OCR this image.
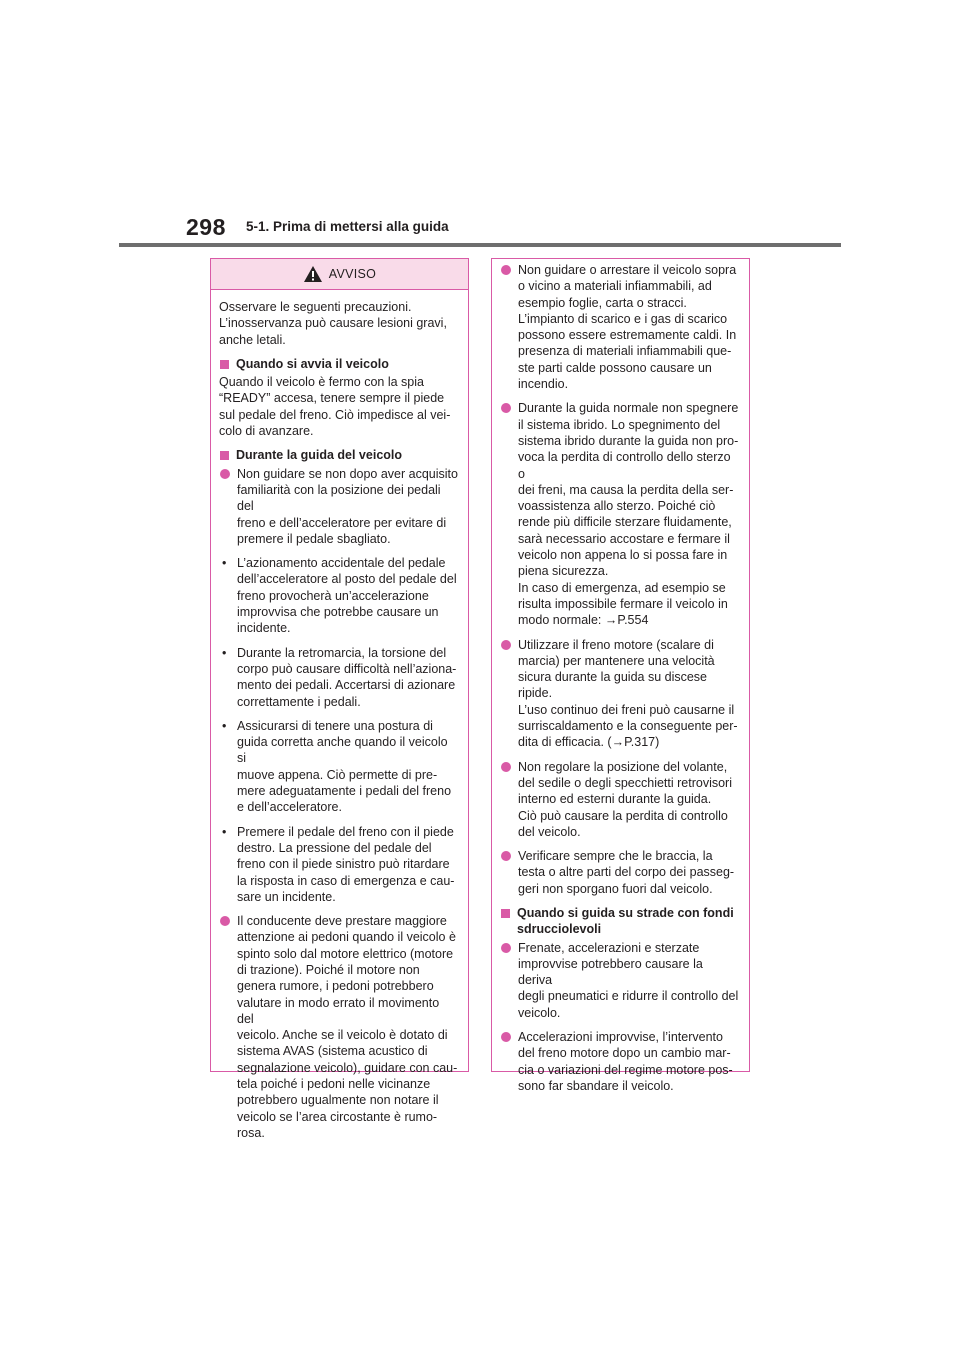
298 5-1. Prima di mettersi alla guida
AVVISO
Osservare le seguenti precauzioni.
L’inosservanza può causare lesioni gravi,
anche letali.
Quando si avvia il veicolo
Quando il veicolo è fermo con la spia
“READY” accesa, tenere sempre il piede
sul pedale del freno. Ciò impedisce al vei-
colo di avanzare.
Durante la guida del veicolo
Non guidare se non dopo aver acquisito
familiarità con la posizione dei pedali del
freno e dell’acceleratore per evitare di
premere il pedale sbagliato.
• L’azionamento accidentale del pedale
dell’acceleratore al posto del pedale del
freno provocherà un’accelerazione
improvvisa che potrebbe causare un
incidente.
• Durante la retromarcia, la torsione del
corpo può causare difficoltà nell’aziona-
mento dei pedali. Accertarsi di azionare
correttamente i pedali.
• Assicurarsi di tenere una postura di
guida corretta anche quando il veicolo si
muove appena. Ciò permette di pre-
mere adeguatamente i pedali del freno
e dell’acceleratore.
• Premere il pedale del freno con il piede
destro. La pressione del pedale del
freno con il piede sinistro può ritardare
la risposta in caso di emergenza e cau-
sare un incidente.
Il conducente deve prestare maggiore
attenzione ai pedoni quando il veicolo è
spinto solo dal motore elettrico (motore
di trazione). Poiché il motore non
genera rumore, i pedoni potrebbero
valutare in modo errato il movimento del
veicolo. Anche se il veicolo è dotato di
sistema AVAS (sistema acustico di
segnalazione veicolo), guidare con cau-
tela poiché i pedoni nelle vicinanze
potrebbero ugualmente non notare il
veicolo se l’area circostante è rumo-
rosa.
Non guidare o arrestare il veicolo sopra
o vicino a materiali infiammabili, ad
esempio foglie, carta o stracci.
L’impianto di scarico e i gas di scarico
possono essere estremamente caldi. In
presenza di materiali infiammabili que-
ste parti calde possono causare un
incendio.
Durante la guida normale non spegnere
il sistema ibrido. Lo spegnimento del
sistema ibrido durante la guida non pro-
voca la perdita di controllo dello sterzo o
dei freni, ma causa la perdita della ser-
voassistenza allo sterzo. Poiché ciò
rende più difficile sterzare fluidamente,
sarà necessario accostare e fermare il
veicolo non appena lo si possa fare in
piena sicurezza.
In caso di emergenza, ad esempio se
risulta impossibile fermare il veicolo in
modo normale: →P.554
Utilizzare il freno motore (scalare di
marcia) per mantenere una velocità
sicura durante la guida su discese
ripide.
L’uso continuo dei freni può causarne il
surriscaldamento e la conseguente per-
dita di efficacia. (→P.317)
Non regolare la posizione del volante,
del sedile o degli specchietti retrovisori
interno ed esterni durante la guida.
Ciò può causare la perdita di controllo
del veicolo.
Verificare sempre che le braccia, la
testa o altre parti del corpo dei passeg-
geri non sporgano fuori dal veicolo.
Quando si guida su strade con fondi
sdrucciolevoli
Frenate, accelerazioni e sterzate
improvvise potrebbero causare la deriva
degli pneumatici e ridurre il controllo del
veicolo.
Accelerazioni improvvise, l’intervento
del freno motore dopo un cambio mar-
cia o variazioni del regime motore pos-
sono far sbandare il veicolo.
